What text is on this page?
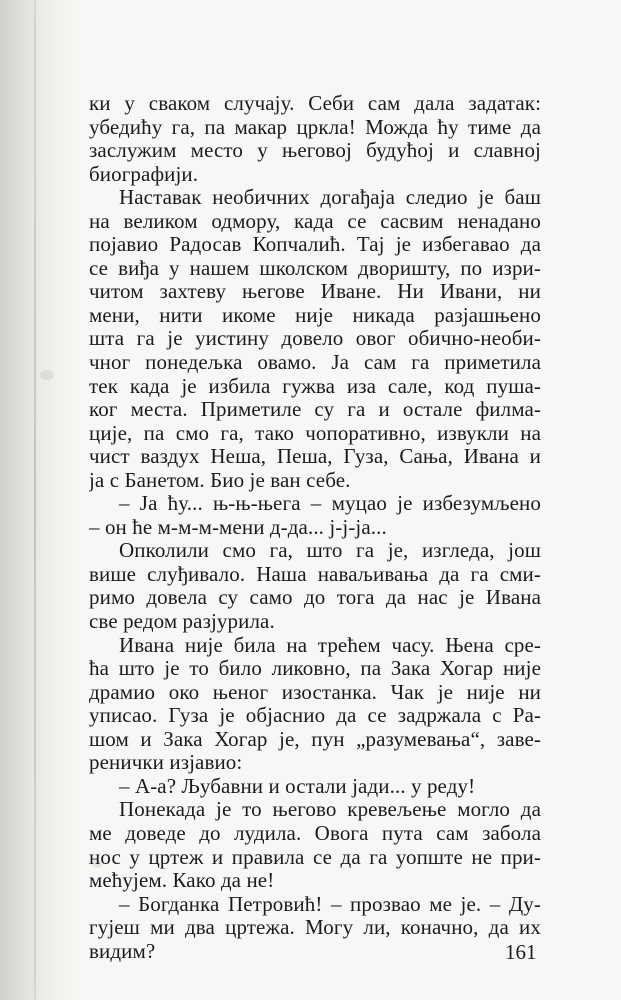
ки у сваком случају. Себи сам дала задатак:
убедићу га, па макар цркла! Можда ћу тиме да
заслужим место у његовој будућој и славној
биографији.
Наставак необичних догађаја следио је баш
на великом одмору, када се сасвим ненадано
појавио Радосав Копчалић. Тај је избегавао да
се виђа у нашем школском дворишту, по изри-
читом захтеву његове Иване. Ни Ивани, ни
мени, нити икоме није никада разјашњено
шта га је уистину довело овог обично-необи-
чног понедељка овамо. Ја сам га приметила
тек када је избила гужва иза сале, код пуша-
ког места. Приметиле су га и остале филма-
ције, па смо га, тако чопоративно, извукли на
чист ваздух Неша, Пеша, Гуза, Сања, Ивана и
ја с Банетом. Био је ван себе.
– Ја ћу... њ-њ-њега – муцао је избезумљено
– он ће м-м-м-мени д-да... ј-ј-ја...
Опколили смо га, што га је, изгледа, још
више слуђивало. Наша наваљивања да га сми-
римо довела су само до тога да нас је Ивана
све редом разјурила.
Ивана није била на трећем часу. Њена сре-
ћа што је то било ликовно, па Зака Хогар није
драмио око њеног изостанка. Чак је није ни
уписао. Гуза је објаснио да се задржала с Ра-
шом и Зака Хогар је, пун „разумевања“, заве-
ренички изјавио:
– А-а? Љубавни и остали јади... у реду!
Понекада је то његово кревељење могло да
ме доведе до лудила. Овога пута сам забола
нос у цртеж и правила се да га уопште не при-
мећујем. Како да не!
– Богданка Петровић! – прозвао ме је. – Ду-
гујеш ми два цртежа. Могу ли, коначно, да их
видим?	161
